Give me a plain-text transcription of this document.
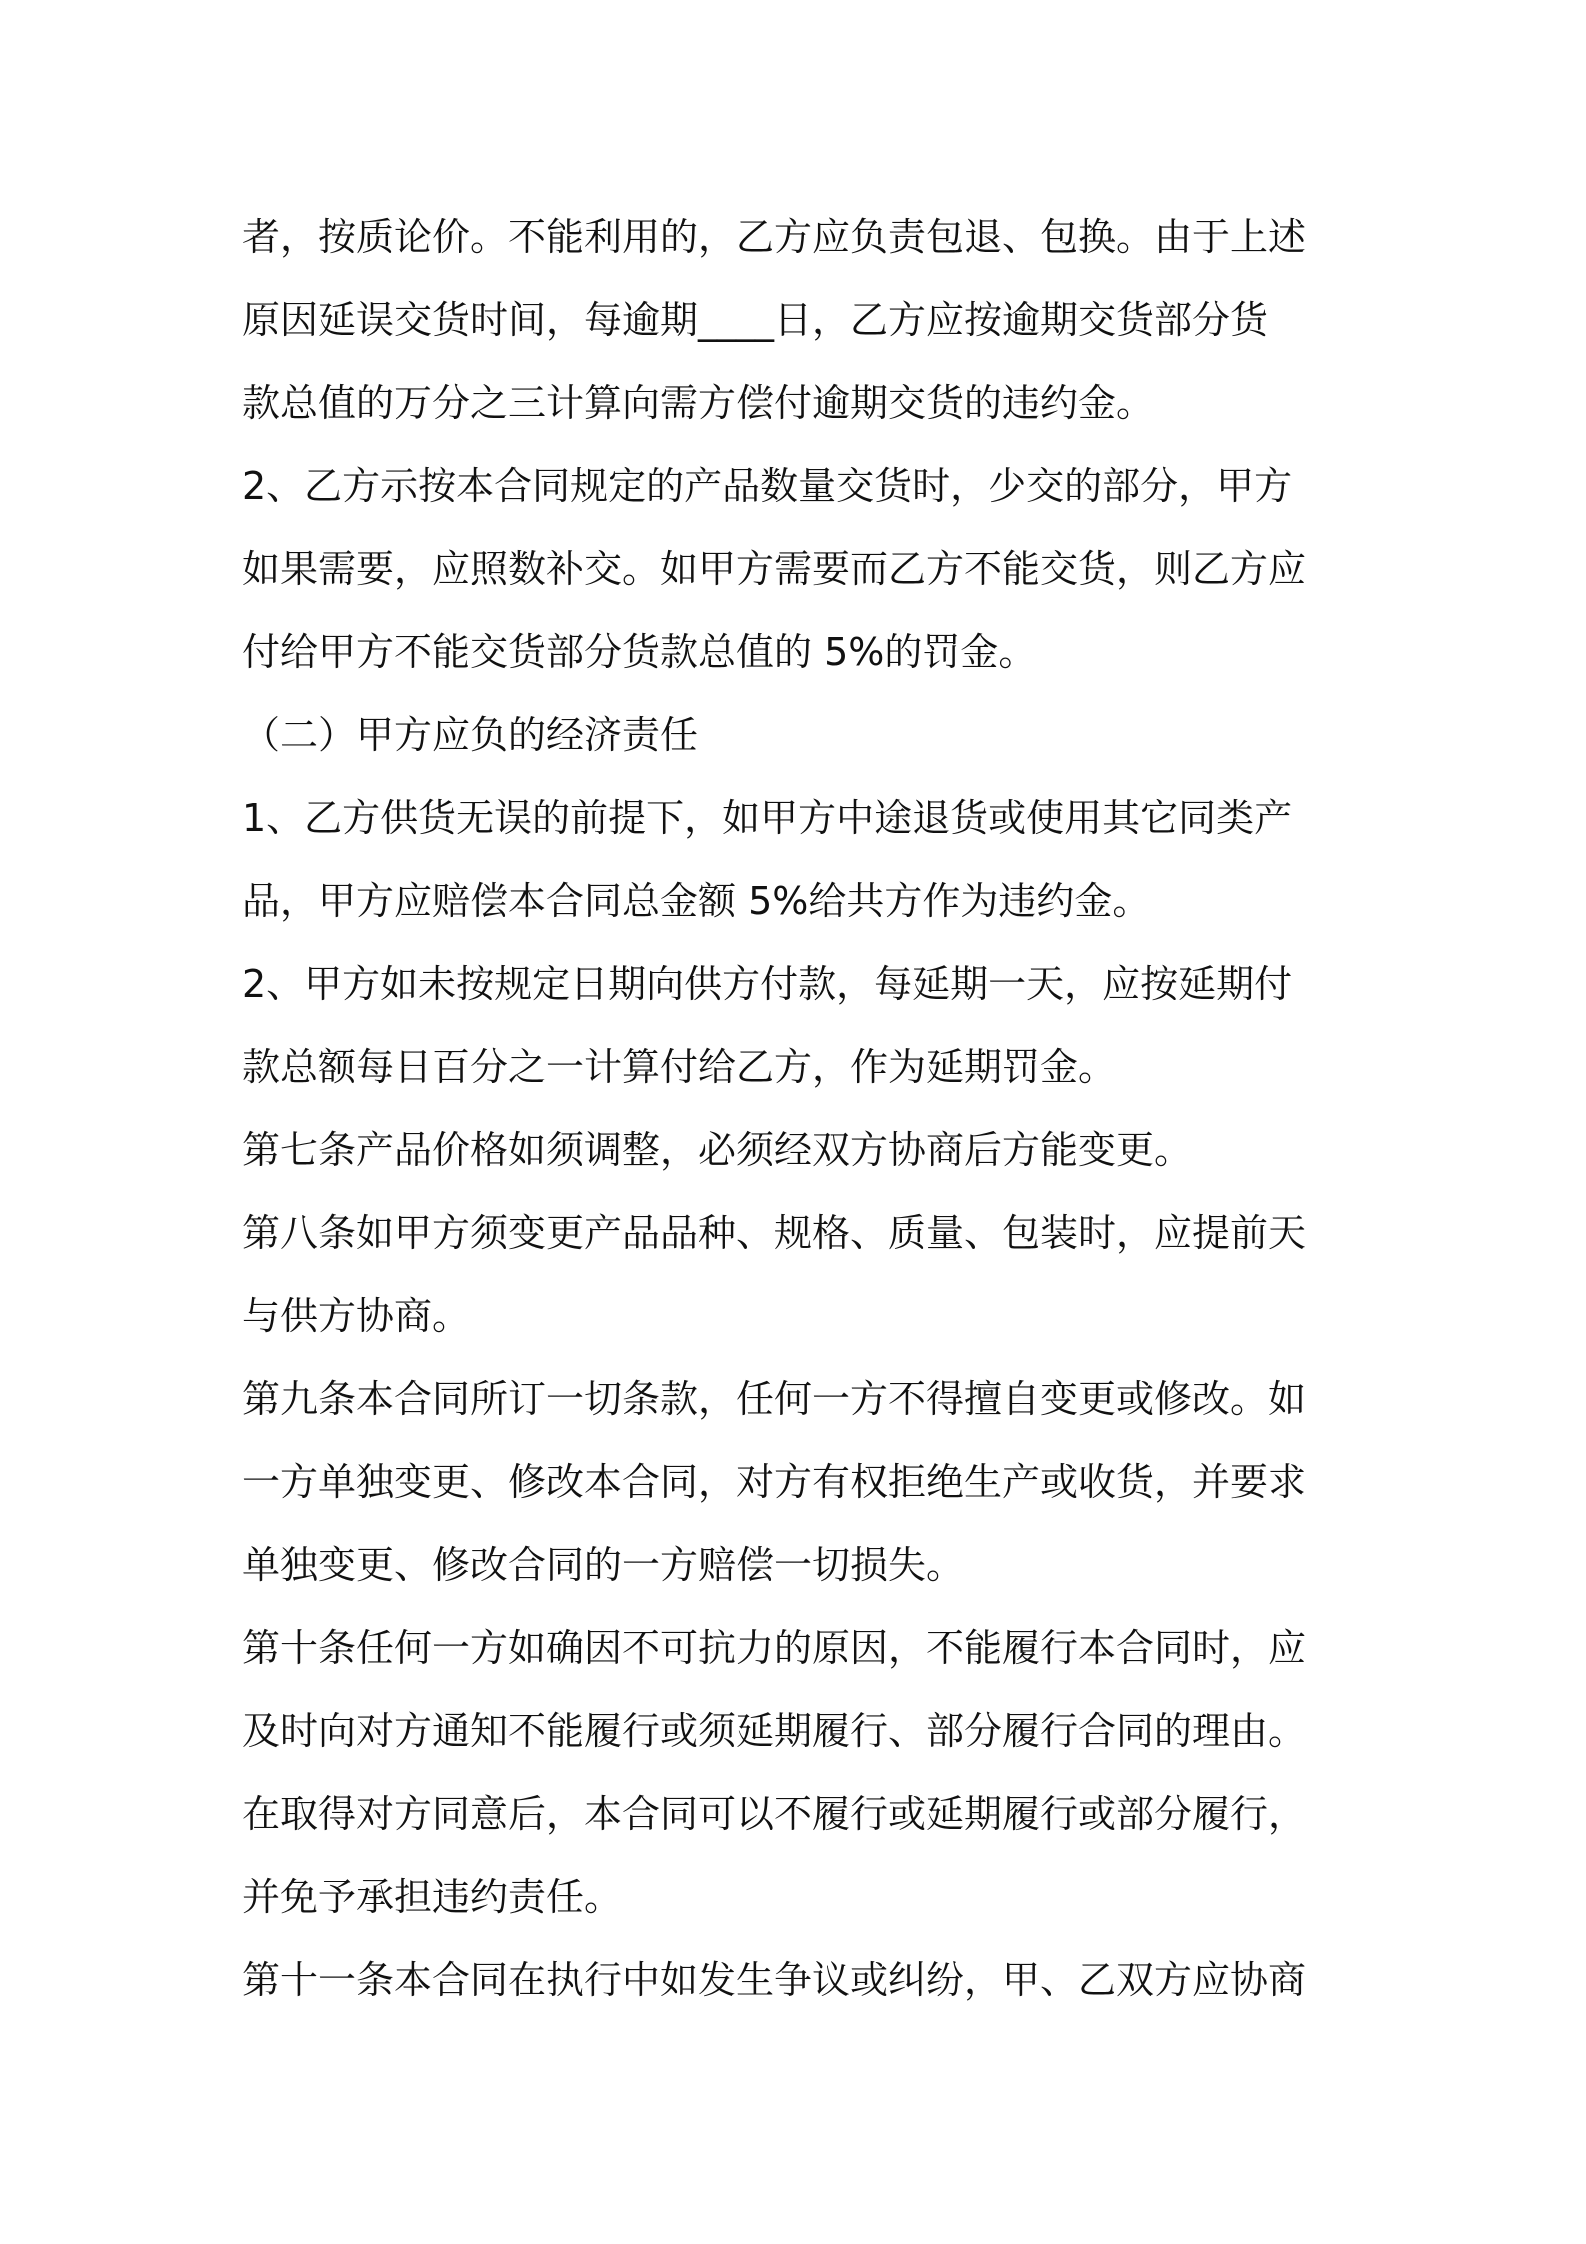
者，按质论价。不能利用的，乙方应负责包退、包换。由于上述
原因延误交货时间，每逾期____日，乙方应按逾期交货部分货
款总值的万分之三计算向需方偿付逾期交货的违约金。
2、乙方示按本合同规定的产品数量交货时，少交的部分，甲方
如果需要，应照数补交。如甲方需要而乙方不能交货，则乙方应
付给甲方不能交货部分货款总值的 5%的罚金。
（二）甲方应负的经济责任
1、乙方供货无误的前提下，如甲方中途退货或使用其它同类产
品，甲方应赔偿本合同总金额 5%给共方作为违约金。
2、甲方如未按规定日期向供方付款，每延期一天，应按延期付
款总额每日百分之一计算付给乙方，作为延期罚金。
第七条产品价格如须调整，必须经双方协商后方能变更。
第八条如甲方须变更产品品种、规格、质量、包装时，应提前天
与供方协商。
第九条本合同所订一切条款，任何一方不得擅自变更或修改。如
一方单独变更、修改本合同，对方有权拒绝生产或收货，并要求
单独变更、修改合同的一方赔偿一切损失。
第十条任何一方如确因不可抗力的原因，不能履行本合同时，应
及时向对方通知不能履行或须延期履行、部分履行合同的理由。
在取得对方同意后，本合同可以不履行或延期履行或部分履行，
并免予承担违约责任。
第十一条本合同在执行中如发生争议或纠纷，甲、乙双方应协商
